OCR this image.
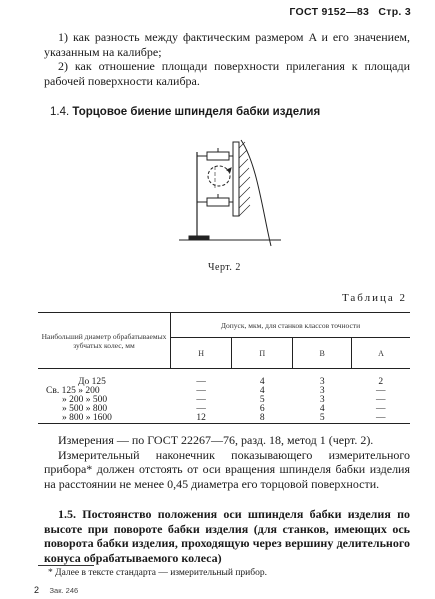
ГОСТ 9152—83 Стр. 3

1) как разность между фактическим размером A и его значением, указанным на калибре;

2) как отношение площади поверхности прилегания к площади рабочей поверхности калибра.

1.4. Торцовое биение шпинделя бабки изделия
Черт. 2
Таблица 2
Наибольший диаметр обрабатываемых зубчатых колес, мм	Допуск, мкм, для станков классов точности			
	Н	П	В	А

До 125	—	4	3	2
Св. 125 » 200	—	4	3	—
» 200 » 500	—	5	3	—
» 500 » 800	—	6	4	—
» 800 » 1600	12	8	5	—

Измерения — по ГОСТ 22267—76, разд. 18, метод 1 (черт. 2).

Измерительный наконечник показывающего измерительного прибора* должен отстоять от оси вращения шпинделя бабки изделия на расстоянии не менее 0,45 диаметра его торцовой поверхности.

1.5. Постоянство положения оси шпинделя бабки изделия по высоте при повороте бабки изделия (для станков, имеющих ось поворота бабки изделия, проходящую через вершину делительного конуса обрабатываемого колеса)

* Далее в тексте стандарта — измерительный прибор.

2 Зак. 246
